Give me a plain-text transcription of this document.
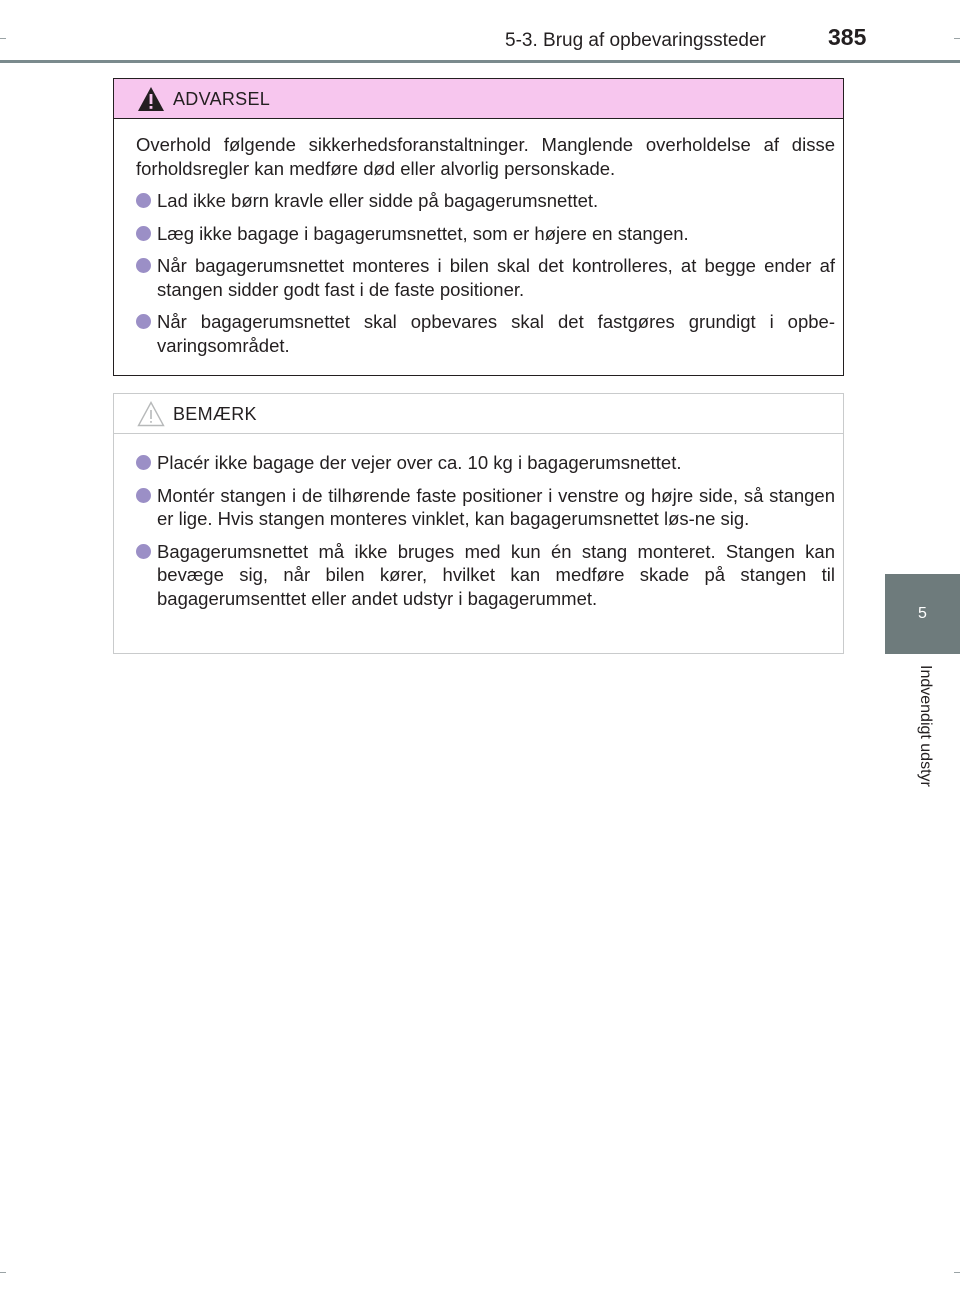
5-3. Brug af opbevaringssteder	385
5
Indvendigt udstyr
ADVARSEL

Overhold følgende sikkerhedsforanstaltninger. Manglende overholdelse af disse forholdsregler kan medføre død eller alvorlig personskade.

Lad ikke børn kravle eller sidde på bagagerumsnettet.
Læg ikke bagage i bagagerumsnettet, som er højere en stangen.
Når bagagerumsnettet monteres i bilen skal det kontrolleres, at begge ender af stangen sidder godt fast i de faste positioner.
Når bagagerumsnettet skal opbevares skal det fastgøres grundigt i opbe-varingsområdet.
BEMÆRK
Placér ikke bagage der vejer over ca. 10 kg i bagagerumsnettet.
Montér stangen i de tilhørende faste positioner i venstre og højre side, så stangen er lige. Hvis stangen monteres vinklet, kan bagagerumsnettet løs-ne sig.
Bagagerumsnettet må ikke bruges med kun én stang monteret. Stangen kan bevæge sig, når bilen kører, hvilket kan medføre skade på stangen til bagagerumsenttet eller andet udstyr i bagagerummet.
